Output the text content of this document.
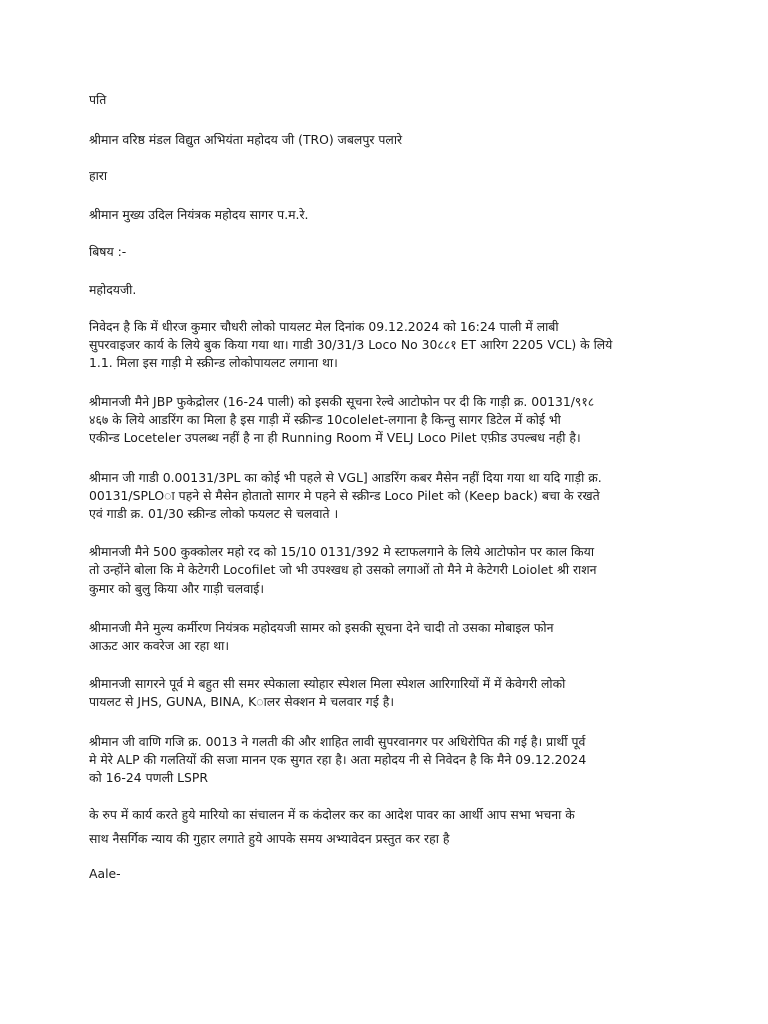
पति

श्रीमान वरिष्ठ मंडल विद्युत अभियंता महोदय जी (TRO) जबलपुर पलारे

हारा

श्रीमान मुख्य उदिल नियंत्रक महोदय सागर प.म.रे.

बिषय :-

महोदयजी.

निवेदन है कि में धीरज कुमार चौधरी लोको पायलट मेल दिनांक 09.12.2024 को 16:24 पाली में लाबी

सुपरवाइजर कार्य के लिये बुक किया गया था। गाडी 30/31/3 Loco No 30८८१ ET आरिग 2205 VCL) के लिये

1.1. मिला इस गाड़ी मे स्क्रीन्ड लोकोपायलट लगाना था।

श्रीमानजी मैने JBP फुकेद्रोलर (16-24 पाली) को इसकी सूचना रेल्वे आटोफोन पर दी कि गाड़ी क्र. 00131/९१८

४६७ के लिये आडरिंग का मिला है इस गाड़ी में स्क्रीन्ड 10colelet-लगाना है किन्तु सागर डिटेल में कोई भी

एकीन्ड Loceteler उपलब्ध नहीं है ना ही Running Room में VELJ Loco Pilet एफ़ीड उपल्बध नही है।

श्रीमान जी गाडी 0.00131/3PL का कोई भी पहले से VGL] आडरिंग कबर मैसेन नहीं दिया गया था यदि गाड़ी क्र.

00131/SPLOा पहने से मैसेन होतातो सागर मे पहने से स्क्रीन्ड Loco Pilet को (Keep back) बचा के रखते

एवं गाडी क्र. 01/30 स्क्रीन्ड लोको फयलट से चलवाते ।

श्रीमानजी मैने 500 कुक्कोलर महो रद को 15/10 0131/392 मे स्टाफलगाने के लिये आटोफोन पर काल किया

तो उन्होंने बोला कि मे केटेगरी Locofilet जो भी उपश्खध हो उसको लगाओं तो मैने मे केटेगरी Loiolet श्री राशन

कुमार को बुलु किया और गाड़ी चलवाई।

श्रीमानजी मैने मुल्य कर्मीरण नियंत्रक महोदयजी सामर को इसकी सूचना देने चादी तो उसका मोबाइल फोन

आऊट आर कवरेज आ रहा था।

श्रीमानजी सागरने पूर्व मे बहुत सी समर स्पेकाला स्योहार स्पेशल मिला स्पेशल आरिगारियों में में केवेगरी लोको

पायलट से JHS, GUNA, BINA, Kालर सेक्शन मे चलवार गई है।

श्रीमान जी वाणि गजि क्र. 0013 ने गलती की और शाहित लावी सुपरवानगर पर अधिरोपित की गई है। प्रार्थी पूर्व

मे मेरे ALP की गलतियों की सजा मानन एक सुगत रहा है। अता महोदय नी से निवेदन है कि मैने 09.12.2024

को 16-24 पणली LSPR

के रुप में कार्य करते हुये मारियो का संचालन में क कंदोलर कर का आदेश पावर का आर्थी आप सभा भचना के

साथ नैसर्गिक न्याय की गुहार लगाते हुये आपके समय अभ्यावेदन प्रस्तुत कर रहा है

Aale-
